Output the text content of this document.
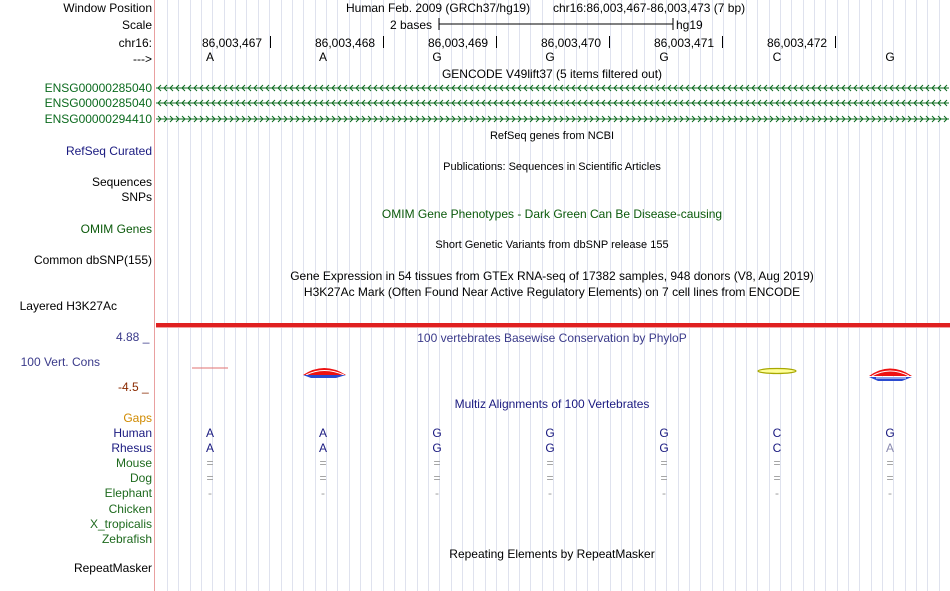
Window Position	Human Feb. 2009 (GRCh37/hg19) chr16:86,003,467-86,003,473 (7 bp)
Scale	2 bases	hg19
chr16:	86,003,467	86,003,468	86,003,469	86,003,470	86,003,471	86,003,472
--->	A	A	G	G	G	C	G
GENCODE V49lift37 (5 items filtered out)
ENSG00000285040
ENSG00000285040
ENSG00000294410
RefSeq genes from NCBI
RefSeq Curated
Publications: Sequences in Scientific Articles
Sequences
SNPs
OMIM Gene Phenotypes - Dark Green Can Be Disease-causing
OMIM Genes
Short Genetic Variants from dbSNP release 155
Common dbSNP(155)
Gene Expression in 54 tissues from GTEx RNA-seq of 17382 samples, 948 donors (V8, Aug 2019)
H3K27Ac Mark (Often Found Near Active Regulatory Elements) on 7 cell lines from ENCODE
Layered H3K27Ac
4.88 _	100 vertebrates Basewise Conservation by PhyloP
100 Vert. Cons
-4.5 _
Multiz Alignments of 100 Vertebrates
Gaps
Human	A	A	G	G	G	C	G
Rhesus	A	A	G	G	G	C	A
Mouse	=	=	=	=	=	=	=
Dog	=	=	=	=	=	=	=
Elephant	-	-	-	-	-	-	-
Chicken
X_tropicalis
Zebrafish
Repeating Elements by RepeatMasker
RepeatMasker
